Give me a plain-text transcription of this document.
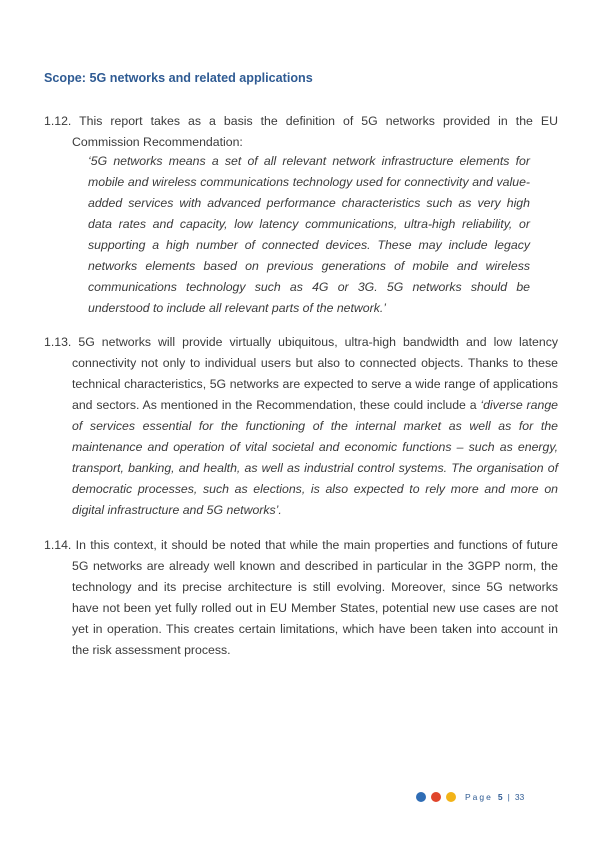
Scope: 5G networks and related applications
1.12. This report takes as a basis the definition of 5G networks provided in the EU Commission Recommendation:
‘5G networks means a set of all relevant network infrastructure elements for mobile and wireless communications technology used for connectivity and value-added services with advanced performance characteristics such as very high data rates and capacity, low latency communications, ultra-high reliability, or supporting a high number of connected devices. These may include legacy networks elements based on previous generations of mobile and wireless communications technology such as 4G or 3G. 5G networks should be understood to include all relevant parts of the network.’
1.13. 5G networks will provide virtually ubiquitous, ultra-high bandwidth and low latency connectivity not only to individual users but also to connected objects. Thanks to these technical characteristics, 5G networks are expected to serve a wide range of applications and sectors. As mentioned in the Recommendation, these could include a ‘diverse range of services essential for the functioning of the internal market as well as for the maintenance and operation of vital societal and economic functions – such as energy, transport, banking, and health, as well as industrial control systems. The organisation of democratic processes, such as elections, is also expected to rely more and more on digital infrastructure and 5G networks’.
1.14. In this context, it should be noted that while the main properties and functions of future 5G networks are already well known and described in particular in the 3GPP norm, the technology and its precise architecture is still evolving. Moreover, since 5G networks have not been yet fully rolled out in EU Member States, potential new use cases are not yet in operation. This creates certain limitations, which have been taken into account in the risk assessment process.
Page 5 | 33
